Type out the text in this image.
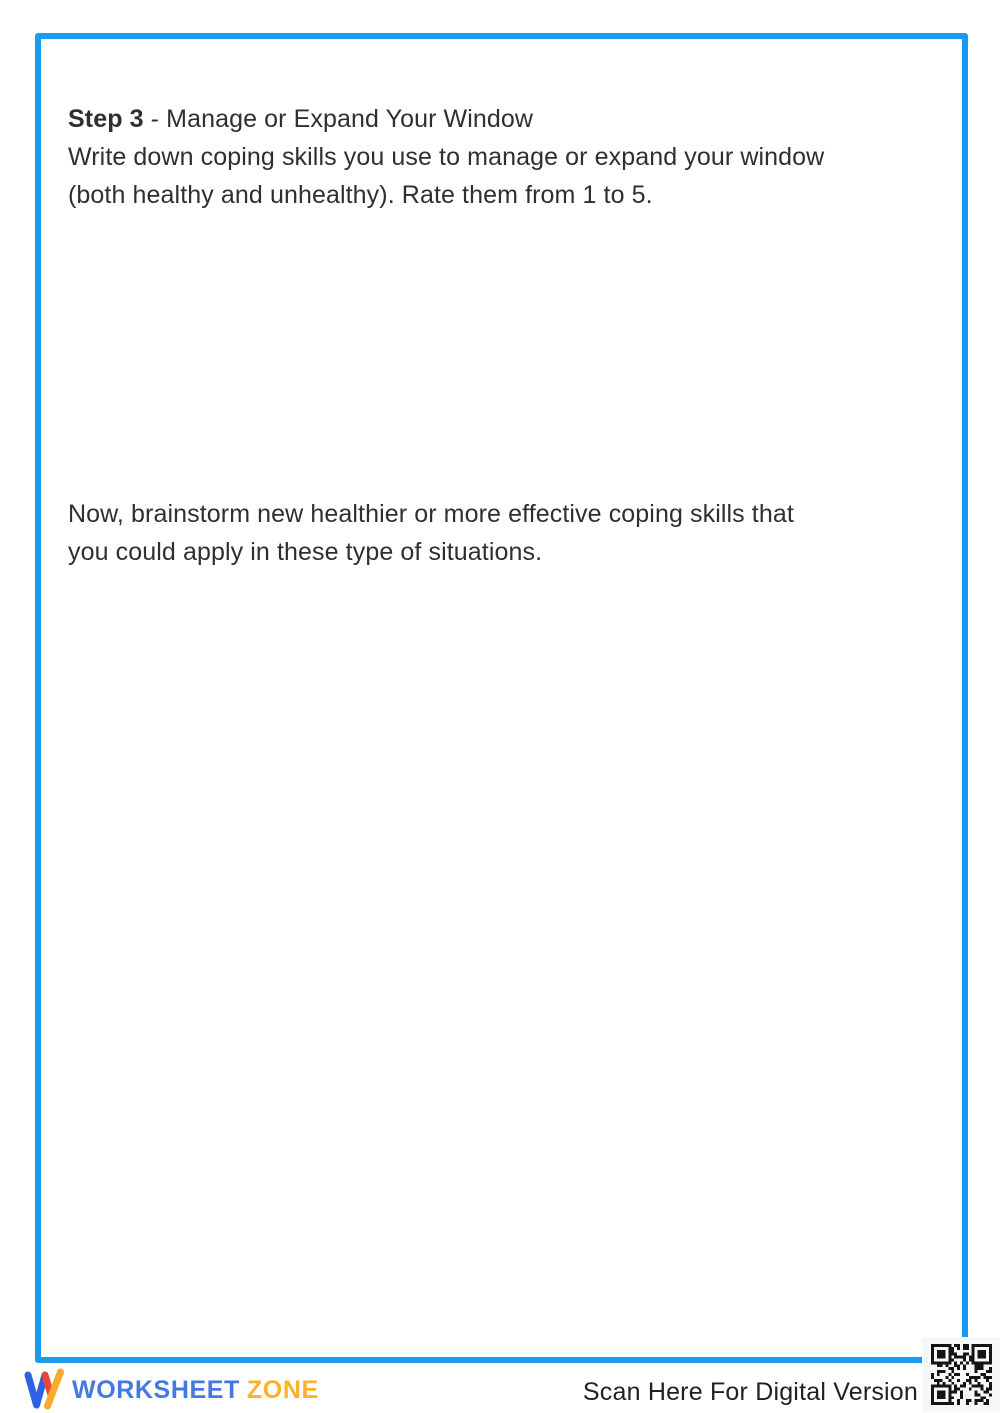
Step 3 - Manage or Expand Your Window
Write down coping skills you use to manage or expand your window
(both healthy and unhealthy). Rate them from 1 to 5.
Now, brainstorm new healthier or more effective coping skills that
you could apply in these type of situations.
WORKSHEET ZONE	Scan Here For Digital Version
